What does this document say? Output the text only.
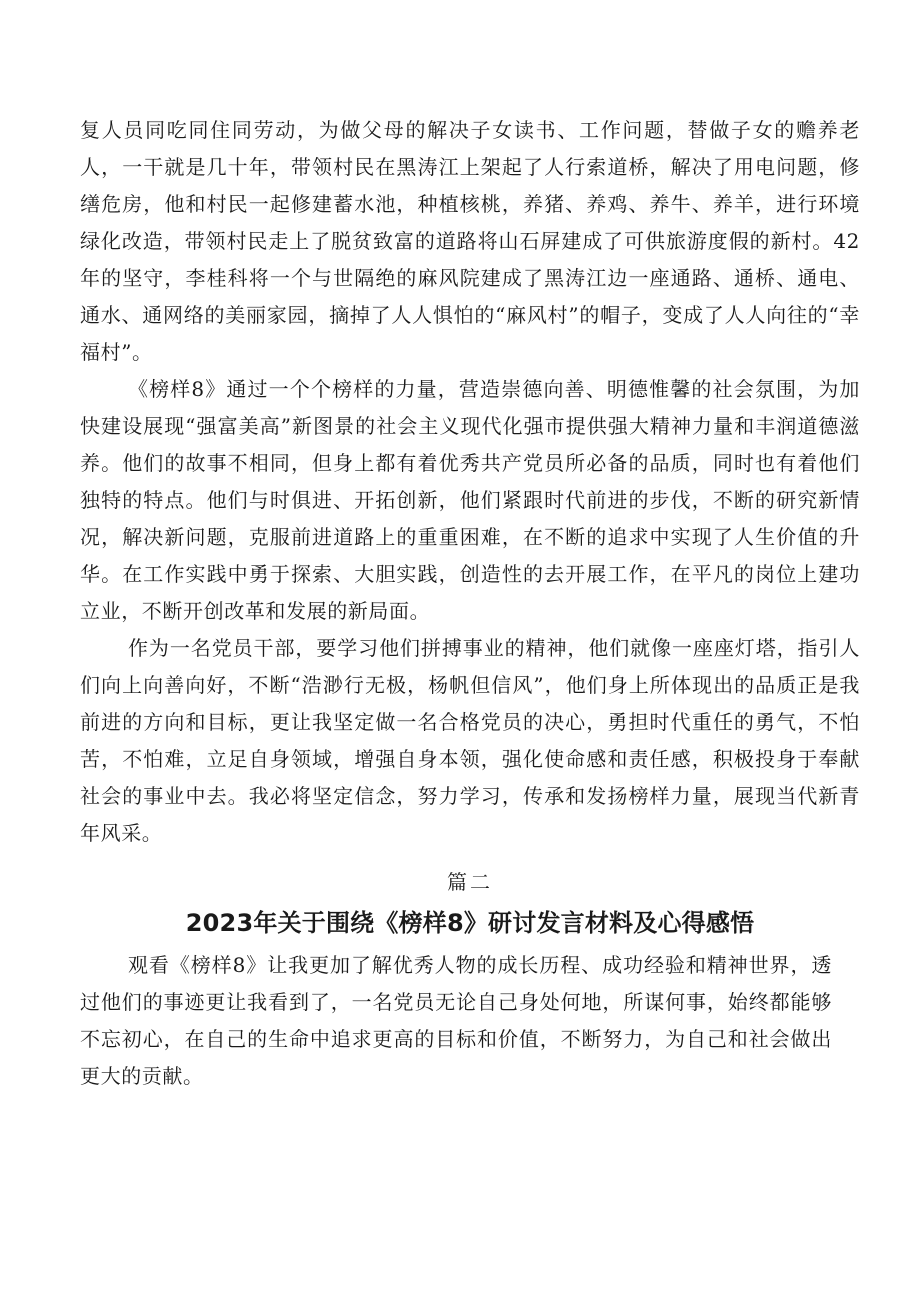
复人员同吃同住同劳动，为做父母的解决子女读书、工作问题，替做子女的赡养老人，一干就是几十年，带领村民在黑涛江上架起了人行索道桥，解决了用电问题，修缮危房，他和村民一起修建蓄水池，种植核桃，养猪、养鸡、养牛、养羊，进行环境绿化改造，带领村民走上了脱贫致富的道路将山石屏建成了可供旅游度假的新村。42年的坚守，李桂科将一个与世隔绝的麻风院建成了黑涛江边一座通路、通桥、通电、通水、通网络的美丽家园，摘掉了人人惧怕的“麻风村”的帽子，变成了人人向往的“幸福村”。

《榜样8》通过一个个榜样的力量，营造崇德向善、明德惟馨的社会氛围，为加快建设展现“强富美高”新图景的社会主义现代化强市提供强大精神力量和丰润道德滋养。他们的故事不相同，但身上都有着优秀共产党员所必备的品质，同时也有着他们独特的特点。他们与时俱进、开拓创新，他们紧跟时代前进的步伐，不断的研究新情况，解决新问题，克服前进道路上的重重困难，在不断的追求中实现了人生价值的升华。在工作实践中勇于探索、大胆实践，创造性的去开展工作，在平凡的岗位上建功立业，不断开创改革和发展的新局面。

作为一名党员干部，要学习他们拼搏事业的精神，他们就像一座座灯塔，指引人们向上向善向好，不断“浩渺行无极，杨帆但信风”，他们身上所体现出的品质正是我前进的方向和目标，更让我坚定做一名合格党员的决心，勇担时代重任的勇气，不怕苦，不怕难，立足自身领域，增强自身本领，强化使命感和责任感，积极投身于奉献社会的事业中去。我必将坚定信念，努力学习，传承和发扬榜样力量，展现当代新青年风采。

篇二

2023年关于围绕《榜样8》研讨发言材料及心得感悟

观看《榜样8》让我更加了解优秀人物的成长历程、成功经验和精神世界，透过他们的事迹更让我看到了，一名党员无论自己身处何地，所谋何事，始终都能够不忘初心，在自己的生命中追求更高的目标和价值，不断努力，为自己和社会做出更大的贡献。
